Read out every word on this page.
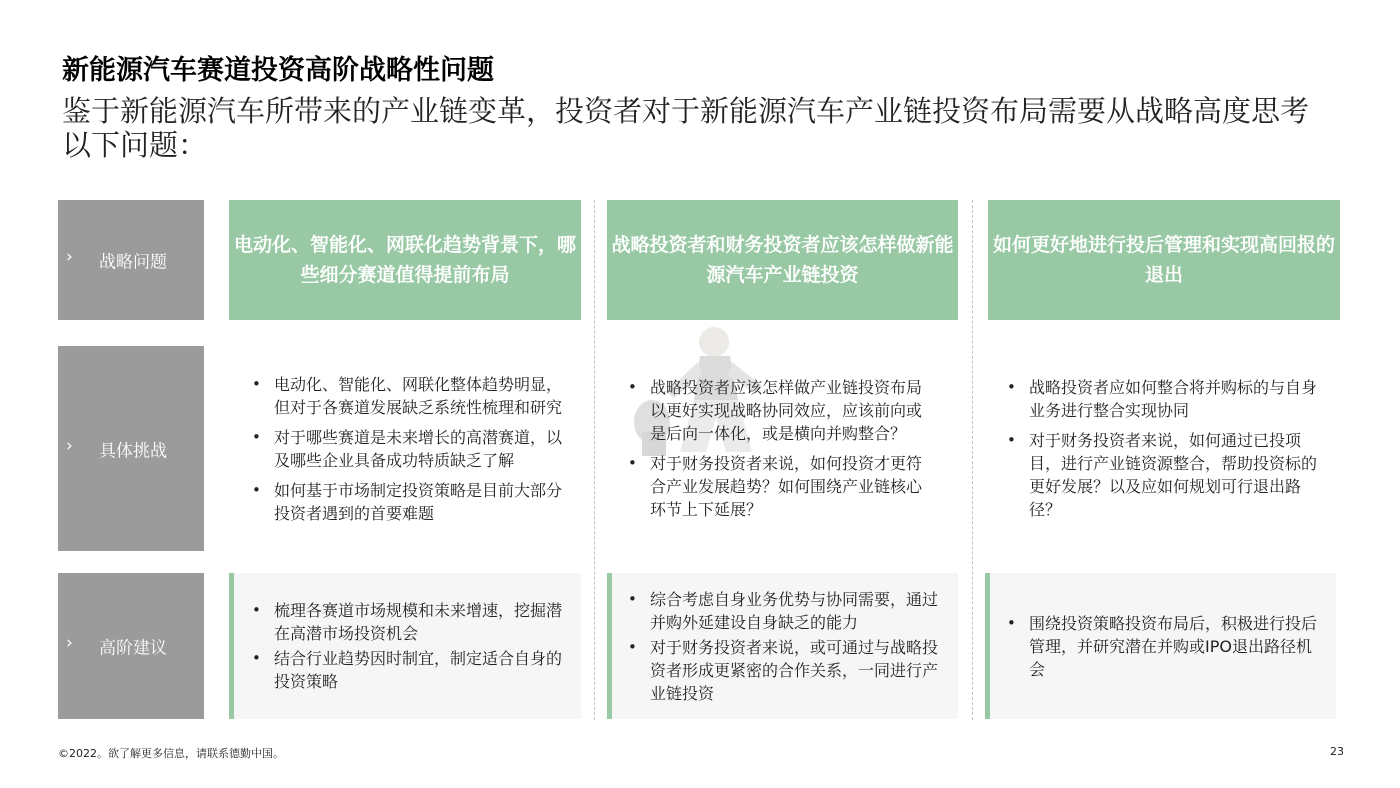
新能源汽车赛道投资高阶战略性问题
鉴于新能源汽车所带来的产业链变革，投资者对于新能源汽车产业链投资布局需要从战略高度思考以下问题：
› 战略问题
› 具体挑战
› 高阶建议
电动化、智能化、网联化趋势背景下，哪些细分赛道值得提前布局
战略投资者和财务投资者应该怎样做新能源汽车产业链投资
如何更好地进行投后管理和实现高回报的退出
• 电动化、智能化、网联化整体趋势明显，但对于各赛道发展缺乏系统性梳理和研究
• 对于哪些赛道是未来增长的高潜赛道，以及哪些企业具备成功特质缺乏了解
• 如何基于市场制定投资策略是目前大部分投资者遇到的首要难题
• 战略投资者应该怎样做产业链投资布局以更好实现战略协同效应，应该前向或是后向一体化，或是横向并购整合？
• 对于财务投资者来说，如何投资才更符合产业发展趋势？如何围绕产业链核心环节上下延展？
• 战略投资者应如何整合将并购标的与自身业务进行整合实现协同
• 对于财务投资者来说，如何通过已投项目，进行产业链资源整合，帮助投资标的更好发展？以及应如何规划可行退出路径？
• 梳理各赛道市场规模和未来增速，挖掘潜在高潜市场投资机会
• 结合行业趋势因时制宜，制定适合自身的投资策略
• 综合考虑自身业务优势与协同需要，通过并购外延建设自身缺乏的能力
• 对于财务投资者来说，或可通过与战略投资者形成更紧密的合作关系，一同进行产业链投资
• 围绕投资策略投资布局后，积极进行投后管理，并研究潜在并购或IPO退出路径机会
©2022。欲了解更多信息，请联系德勤中国。	23
